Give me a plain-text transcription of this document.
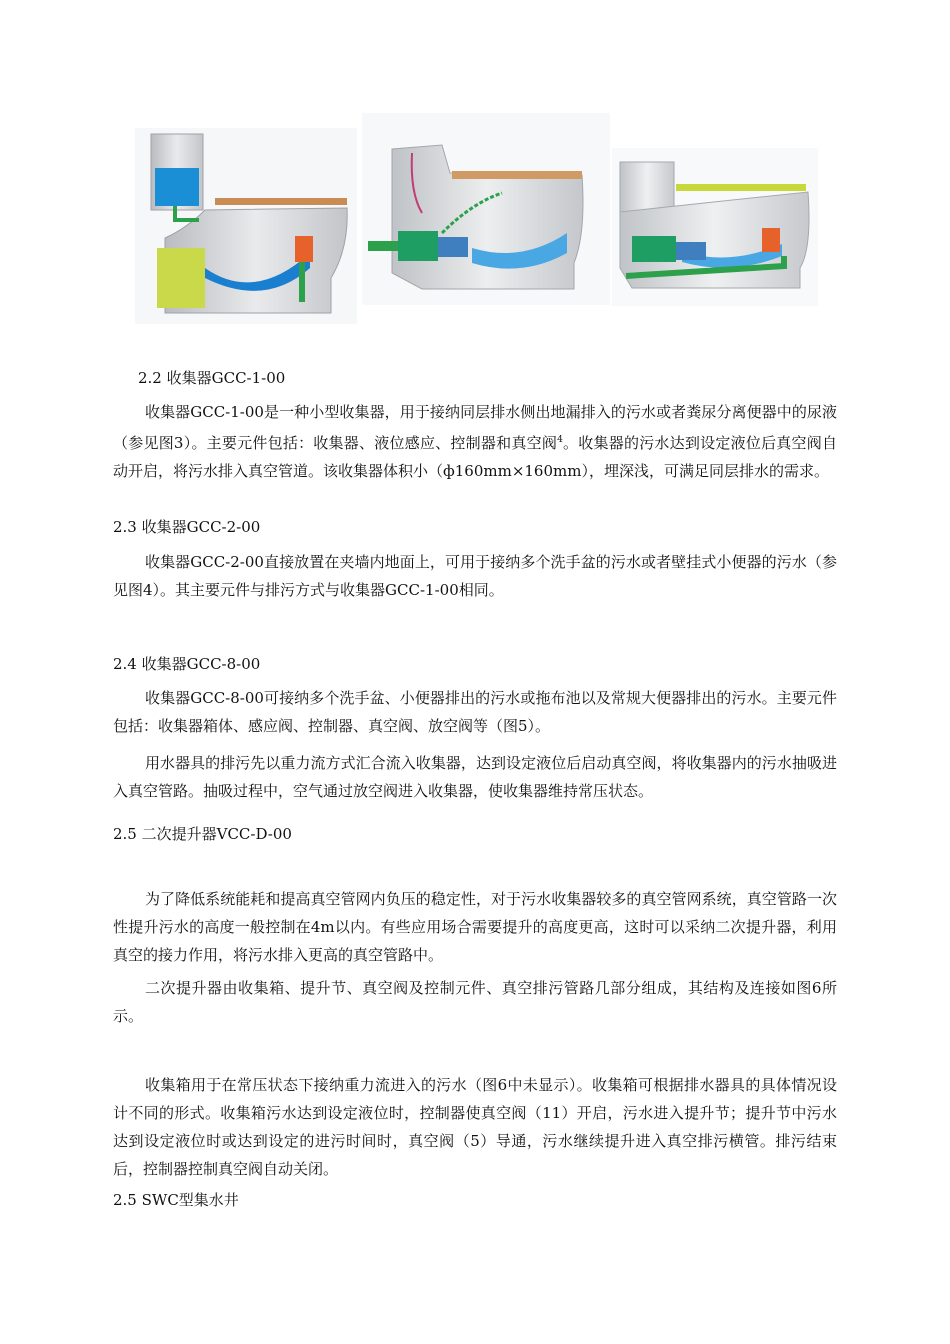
2.2 收集器GCC-1-00

收集器GCC-1-00是一种小型收集器，用于接纳同层排水侧出地漏排入的污水或者粪尿分离便器中的尿液（参见图3）。主要元件包括：收集器、液位感应、控制器和真空阀$^4$。收集器的污水达到设定液位后真空阀自动开启，将污水排入真空管道。该收集器体积小（ф160mm×160mm），埋深浅，可满足同层排水的需求。

2.3 收集器GCC-2-00

收集器GCC-2-00直接放置在夹墙内地面上，可用于接纳多个洗手盆的污水或者壁挂式小便器的污水（参见图4）。其主要元件与排污方式与收集器GCC-1-00相同。

2.4 收集器GCC-8-00

收集器GCC-8-00可接纳多个洗手盆、小便器排出的污水或拖布池以及常规大便器排出的污水。主要元件包括：收集器箱体、感应阀、控制器、真空阀、放空阀等（图5）。

用水器具的排污先以重力流方式汇合流入收集器，达到设定液位后启动真空阀，将收集器内的污水抽吸进入真空管路。抽吸过程中，空气通过放空阀进入收集器，使收集器维持常压状态。

2.5 二次提升器VCC-D-00

为了降低系统能耗和提高真空管网内负压的稳定性，对于污水收集器较多的真空管网系统，真空管路一次性提升污水的高度一般控制在4m以内。有些应用场合需要提升的高度更高，这时可以采纳二次提升器，利用真空的接力作用，将污水排入更高的真空管路中。

二次提升器由收集箱、提升节、真空阀及控制元件、真空排污管路几部分组成，其结构及连接如图6所示。

收集箱用于在常压状态下接纳重力流进入的污水（图6中未显示）。收集箱可根据排水器具的具体情况设计不同的形式。收集箱污水达到设定液位时，控制器使真空阀（11）开启，污水进入提升节；提升节中污水达到设定液位时或达到设定的进污时间时，真空阀（5）导通，污水继续提升进入真空排污横管。排污结束后，控制器控制真空阀自动关闭。

2.5 SWC型集水井
